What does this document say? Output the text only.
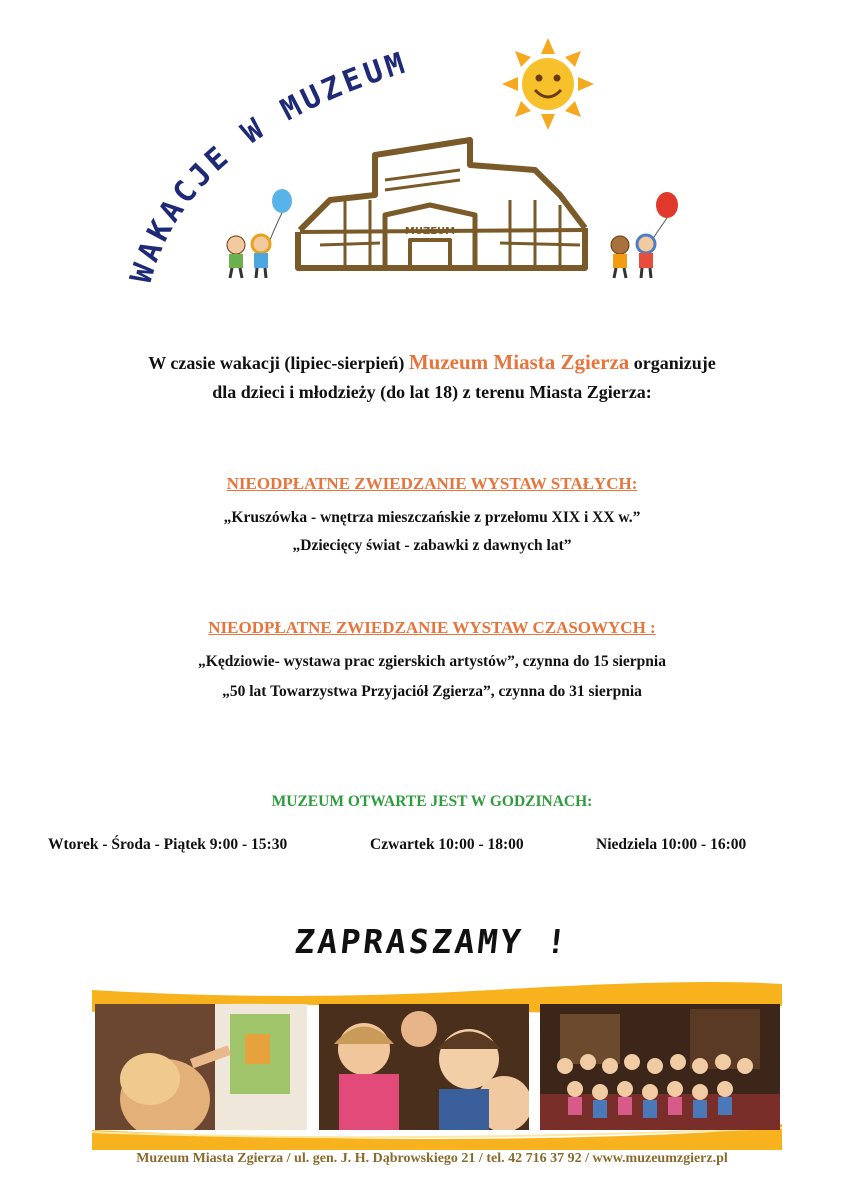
WAKACJE W MUZEUM
MUZEUM
W czasie wakacji (lipiec-sierpień) Muzeum Miasta Zgierza organizuje
dla dzieci i młodzieży (do lat 18) z terenu Miasta Zgierza:
NIEODPŁATNE ZWIEDZANIE WYSTAW STAŁYCH:
„Kruszówka - wnętrza mieszczańskie z przełomu XIX i XX w.”
„Dziecięcy świat - zabawki z dawnych lat”
NIEODPŁATNE ZWIEDZANIE WYSTAW CZASOWYCH :
„Kędziowie- wystawa prac zgierskich artystów”, czynna do 15 sierpnia
„50 lat Towarzystwa Przyjaciół Zgierza”, czynna do 31 sierpnia
MUZEUM OTWARTE JEST W GODZINACH:
Wtorek - Środa - Piątek 9:00 - 15:30	Czwartek 10:00 - 18:00	Niedziela 10:00 - 16:00
ZAPRASZAMY !
Muzeum Miasta Zgierza / ul. gen. J. H. Dąbrowskiego 21 / tel. 42 716 37 92 / www.muzeumzgierz.pl
